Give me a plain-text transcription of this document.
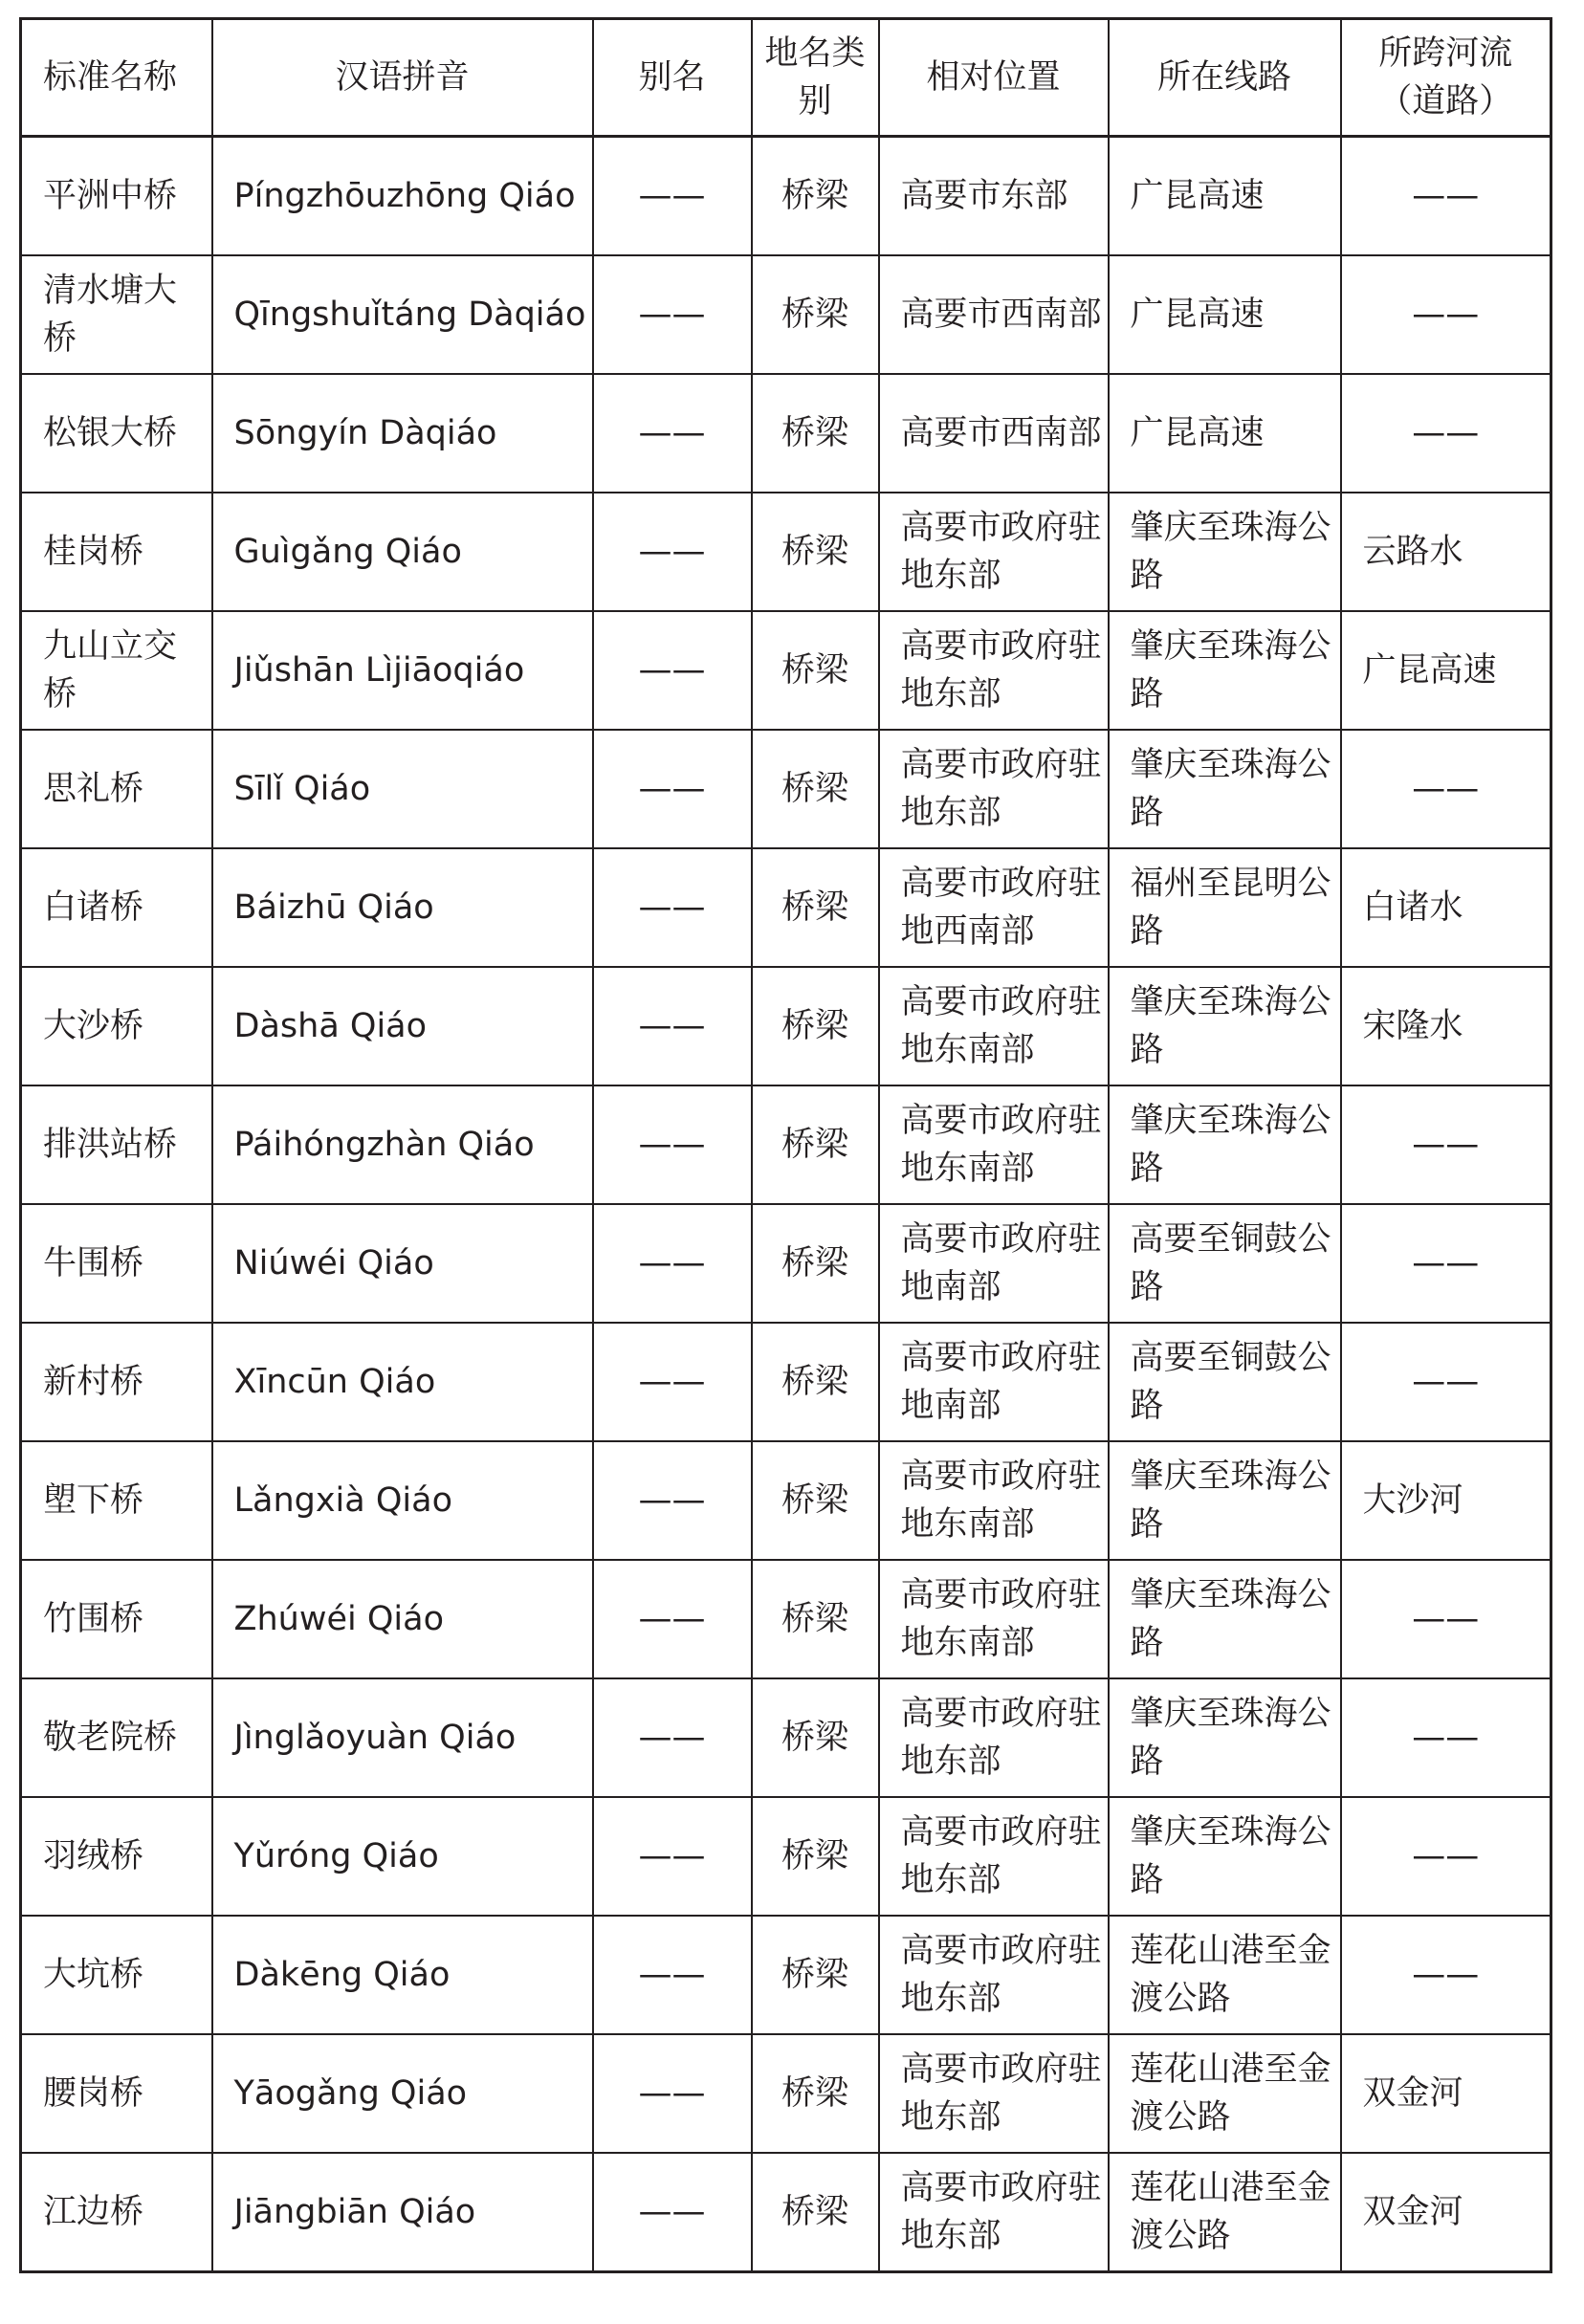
标准名称	汉语拼音	别名	地名类别	相对位置	所在线路	所跨河流（道路）
平洲中桥	Píngzhōuzhōng Qiáo	——	桥梁	高要市东部	广昆高速	——
清水塘大桥	Qīngshuǐtáng Dàqiáo	——	桥梁	高要市西南部	广昆高速	——
松银大桥	Sōngyín Dàqiáo	——	桥梁	高要市西南部	广昆高速	——
桂岗桥	Guìgǎng Qiáo	——	桥梁	高要市政府驻地东部	肇庆至珠海公路	云路水
九山立交桥	Jiǔshān Lìjiāoqiáo	——	桥梁	高要市政府驻地东部	肇庆至珠海公路	广昆高速
思礼桥	Sīlǐ Qiáo	——	桥梁	高要市政府驻地东部	肇庆至珠海公路	——
白诸桥	Báizhū Qiáo	——	桥梁	高要市政府驻地西南部	福州至昆明公路	白诸水
大沙桥	Dàshā Qiáo	——	桥梁	高要市政府驻地东南部	肇庆至珠海公路	宋隆水
排洪站桥	Páihóngzhàn Qiáo	——	桥梁	高要市政府驻地东南部	肇庆至珠海公路	——
牛围桥	Niúwéi Qiáo	——	桥梁	高要市政府驻地南部	高要至铜鼓公路	——
新村桥	Xīncūn Qiáo	——	桥梁	高要市政府驻地南部	高要至铜鼓公路	——
塱下桥	Lǎngxià Qiáo	——	桥梁	高要市政府驻地东南部	肇庆至珠海公路	大沙河
竹围桥	Zhúwéi Qiáo	——	桥梁	高要市政府驻地东南部	肇庆至珠海公路	——
敬老院桥	Jìnglǎoyuàn Qiáo	——	桥梁	高要市政府驻地东部	肇庆至珠海公路	——
羽绒桥	Yǔróng Qiáo	——	桥梁	高要市政府驻地东部	肇庆至珠海公路	——
大坑桥	Dàkēng Qiáo	——	桥梁	高要市政府驻地东部	莲花山港至金渡公路	——
腰岗桥	Yāogǎng Qiáo	——	桥梁	高要市政府驻地东部	莲花山港至金渡公路	双金河
江边桥	Jiāngbiān Qiáo	——	桥梁	高要市政府驻地东部	莲花山港至金渡公路	双金河
